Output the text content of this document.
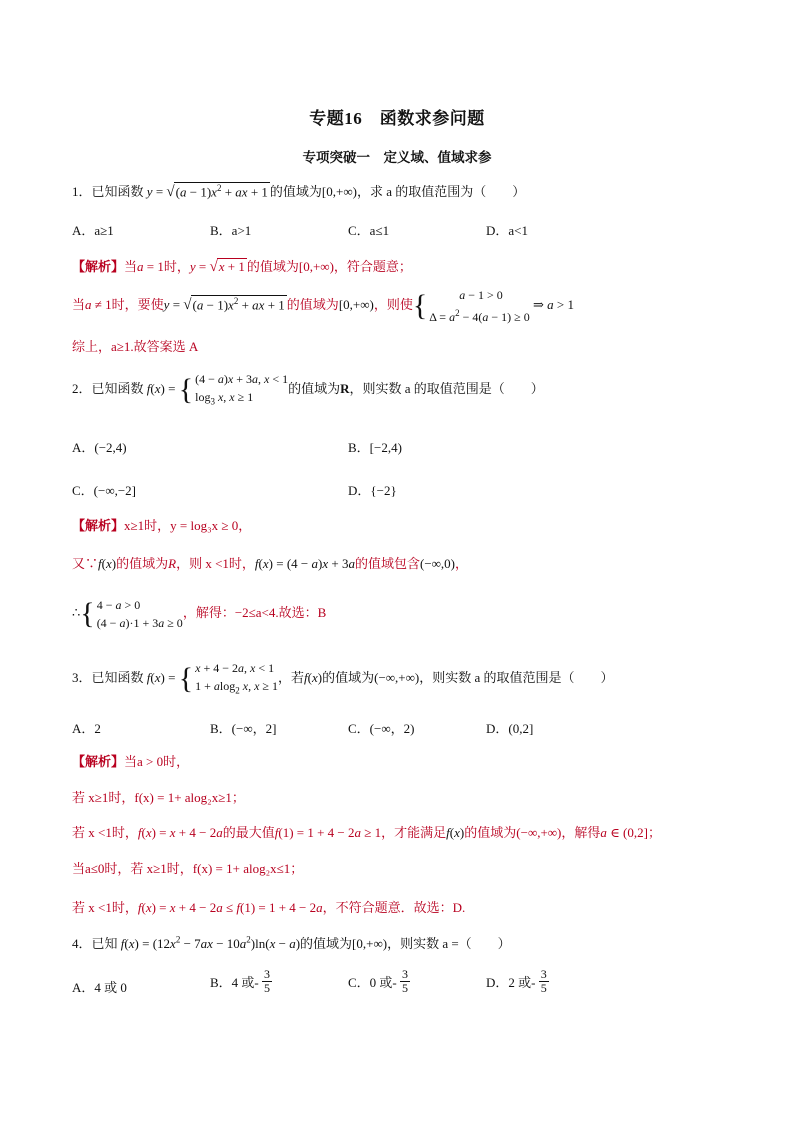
专题16　函数求参问题
专项突破一　定义域、值域求参
1．已知函数 $y = √(a - 1)x^2$ + ax + 1 的值域为[0,+∞)，求 a 的取值范围为（　　）
A．a≥1	B．a>1	C．a≤1	D．a<1
【解析】当a = 1时，y = √x + 1 的值域为[0,+∞)，符合题意；
当a ≠ 1时，要使$y = √(a - 1)x^2$ + ax + 1 的值域为[0,+∞)，则使{	a − 1 > 0
$\Delta = a^2 - 4(a - 1) \ge 0$ ⇒ a > 1
综上，a≥1.故答案选 A
2．已知函数 f(x) = { (4 − a)x + 3a, x < 1
$\log_3 x$, x ≥ 1的值域为R，则实数 a 的取值范围是（　　）
A．(−2,4)	B．[−2,4)
C．(−∞,−2]	D．{−2}
【解析】x≥1时，y = log₃x ≥ 0，
又∵f(x)的值域为R，则 x <1时，f(x) = (4 − a)x + 3a的值域包含(−∞,0)，
∴{ 4 − a > 0
(4 − a)·1 + 3a ≥ 0，解得：−2≤a<4.故选：B
3．已知函数 f(x) = { x + 4 − 2a, x < 1
1 + alog$_2$ x, x ≥ 1，若f(x)的值域为(−∞,+∞)，则实数 a 的取值范围是（　　）
A．2	B．(−∞，2]	C．(−∞，2)	D．(0,2]
【解析】当a > 0时，
若 x≥1时，f(x) = 1+ alog₂x≥1；
若 x <1时，f(x) = x + 4 − 2a的最大值f(1) = 1 + 4 − 2a ≥ 1，才能满足f(x)的值域为(−∞,+∞)，解得a ∈ (0,2]；
当a≤0时，若 x≥1时，f(x) = 1+ alog₂x≤1；
若 x <1时，f(x) = x + 4 − 2a ≤ f(1) = 1 + 4 − 2a，不符合题意．故选：D.
4．已知 $f(x) = (12x^2 - 7ax - 10a^2)\ln(x - a)$的值域为[0,+∞)，则实数 a =（　　）
A．4 或 0	B．4 或- $\frac{3}{5}$	C．0 或- $\frac{3}{5}$	D．2 或- $\frac{3}{5}$
